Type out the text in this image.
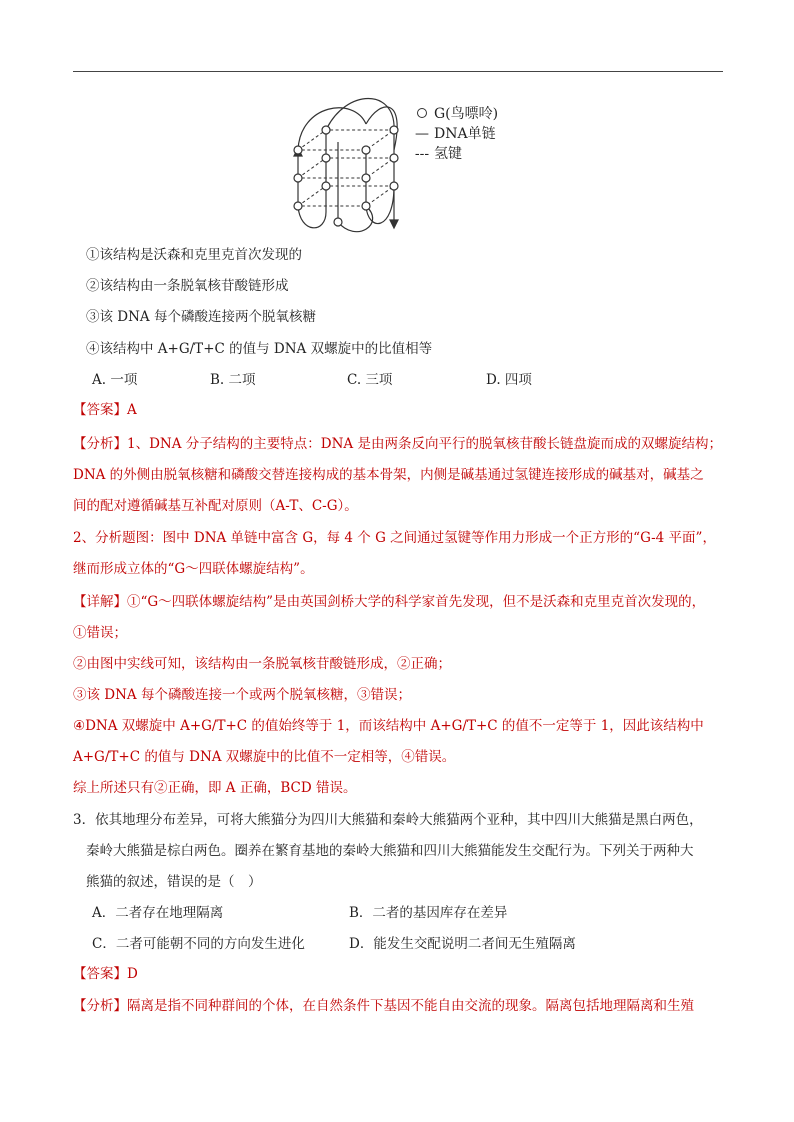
G(鸟嘌呤)
— DNA单链
--- 氢键
①该结构是沃森和克里克首次发现的
②该结构由一条脱氧核苷酸链形成
③该 DNA 每个磷酸连接两个脱氧核糖
④该结构中 A+G/T+C 的值与 DNA 双螺旋中的比值相等
A. 一项	B. 二项	C. 三项	D. 四项
【答案】A
【分析】1、DNA 分子结构的主要特点：DNA 是由两条反向平行的脱氧核苷酸长链盘旋而成的双螺旋结构；
DNA 的外侧由脱氧核糖和磷酸交替连接构成的基本骨架，内侧是碱基通过氢键连接形成的碱基对，碱基之
间的配对遵循碱基互补配对原则（A-T、C-G）。
2、分析题图：图中 DNA 单链中富含 G，每 4 个 G 之间通过氢键等作用力形成一个正方形的“G-4 平面”，
继而形成立体的“G～四联体螺旋结构”。
【详解】①“G～四联体螺旋结构”是由英国剑桥大学的科学家首先发现，但不是沃森和克里克首次发现的，
①错误；
②由图中实线可知，该结构由一条脱氧核苷酸链形成，②正确；
③该 DNA 每个磷酸连接一个或两个脱氧核糖，③错误；
④DNA 双螺旋中 A+G/T+C 的值始终等于 1，而该结构中 A+G/T+C 的值不一定等于 1，因此该结构中
A+G/T+C 的值与 DNA 双螺旋中的比值不一定相等，④错误。
综上所述只有②正确，即 A 正确，BCD 错误。
3．依其地理分布差异，可将大熊猫分为四川大熊猫和秦岭大熊猫两个亚种，其中四川大熊猫是黑白两色，
秦岭大熊猫是棕白两色。圈养在繁育基地的秦岭大熊猫和四川大熊猫能发生交配行为。下列关于两种大
熊猫的叙述，错误的是（　）
A．二者存在地理隔离	B．二者的基因库存在差异
C．二者可能朝不同的方向发生进化	D．能发生交配说明二者间无生殖隔离
【答案】D
【分析】隔离是指不同种群间的个体，在自然条件下基因不能自由交流的现象。隔离包括地理隔离和生殖
